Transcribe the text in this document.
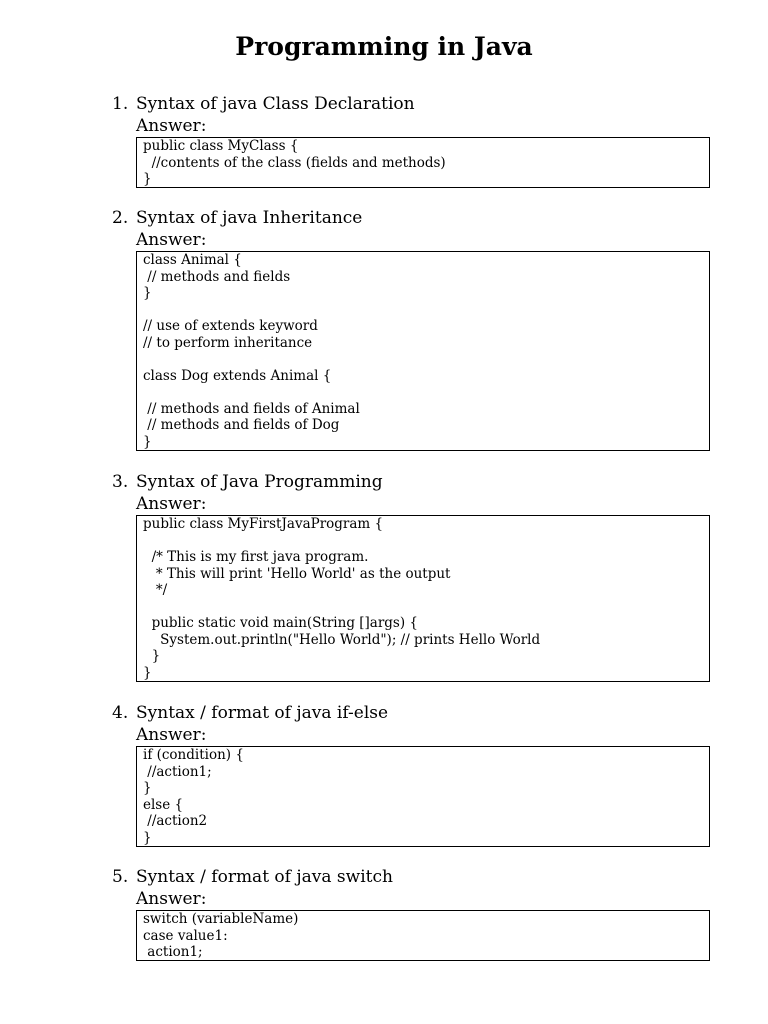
Programming in Java
1. Syntax of java Class Declaration
Answer:
public class MyClass {
//contents of the class (fields and methods)
}
2. Syntax of java Inheritance
Answer:
class Animal {
// methods and fields
}

// use of extends keyword
// to perform inheritance

class Dog extends Animal {

// methods and fields of Animal
// methods and fields of Dog
}
3. Syntax of Java Programming
Answer:
public class MyFirstJavaProgram {

/* This is my first java program.
* This will print 'Hello World' as the output
*/

public static void main(String []args) {
System.out.println("Hello World"); // prints Hello World
}
}
4. Syntax / format of java if-else
Answer:
if (condition) {
//action1;
}
else {
//action2
}
5. Syntax / format of java switch
Answer:
switch (variableName)
case value1:
action1;
